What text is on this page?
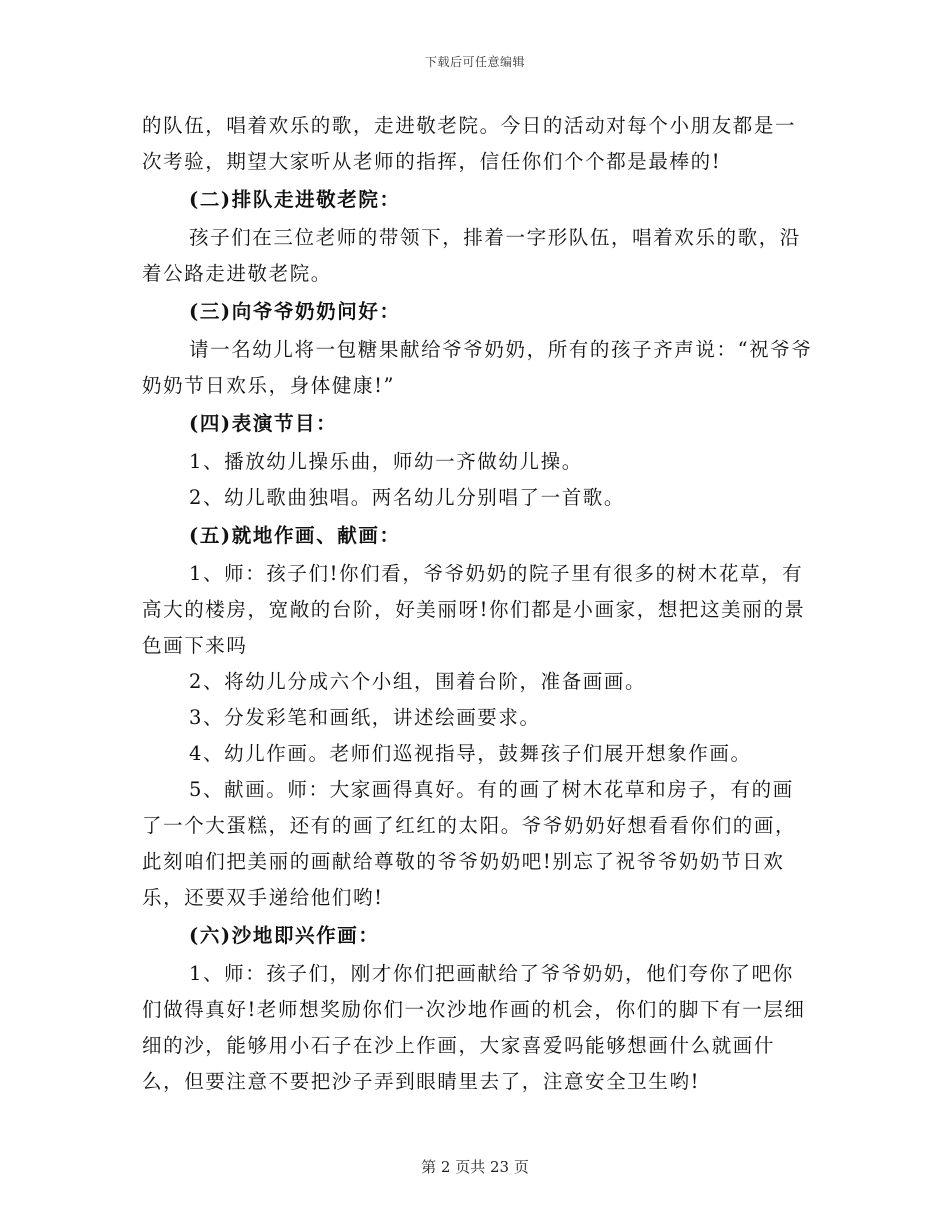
下载后可任意编辑

的队伍，唱着欢乐的歌，走进敬老院。今日的活动对每个小朋友都是一次考验，期望大家听从老师的指挥，信任你们个个都是最棒的!

(二)排队走进敬老院：

孩子们在三位老师的带领下，排着一字形队伍，唱着欢乐的歌，沿着公路走进敬老院。

(三)向爷爷奶奶问好：

请一名幼儿将一包糖果献给爷爷奶奶，所有的孩子齐声说：“祝爷爷奶奶节日欢乐，身体健康!”

(四)表演节目：

1、播放幼儿操乐曲，师幼一齐做幼儿操。

2、幼儿歌曲独唱。两名幼儿分别唱了一首歌。

(五)就地作画、献画：

1、师：孩子们!你们看，爷爷奶奶的院子里有很多的树木花草，有高大的楼房，宽敞的台阶，好美丽呀!你们都是小画家，想把这美丽的景色画下来吗

2、将幼儿分成六个小组，围着台阶，准备画画。

3、分发彩笔和画纸，讲述绘画要求。

4、幼儿作画。老师们巡视指导，鼓舞孩子们展开想象作画。

5、献画。师：大家画得真好。有的画了树木花草和房子，有的画了一个大蛋糕，还有的画了红红的太阳。爷爷奶奶好想看看你们的画，此刻咱们把美丽的画献给尊敬的爷爷奶奶吧!别忘了祝爷爷奶奶节日欢乐，还要双手递给他们哟!

(六)沙地即兴作画：

1、师：孩子们，刚才你们把画献给了爷爷奶奶，他们夸你了吧你们做得真好!老师想奖励你们一次沙地作画的机会，你们的脚下有一层细细的沙，能够用小石子在沙上作画，大家喜爱吗能够想画什么就画什么，但要注意不要把沙子弄到眼睛里去了，注意安全卫生哟!

第 2 页共 23 页
